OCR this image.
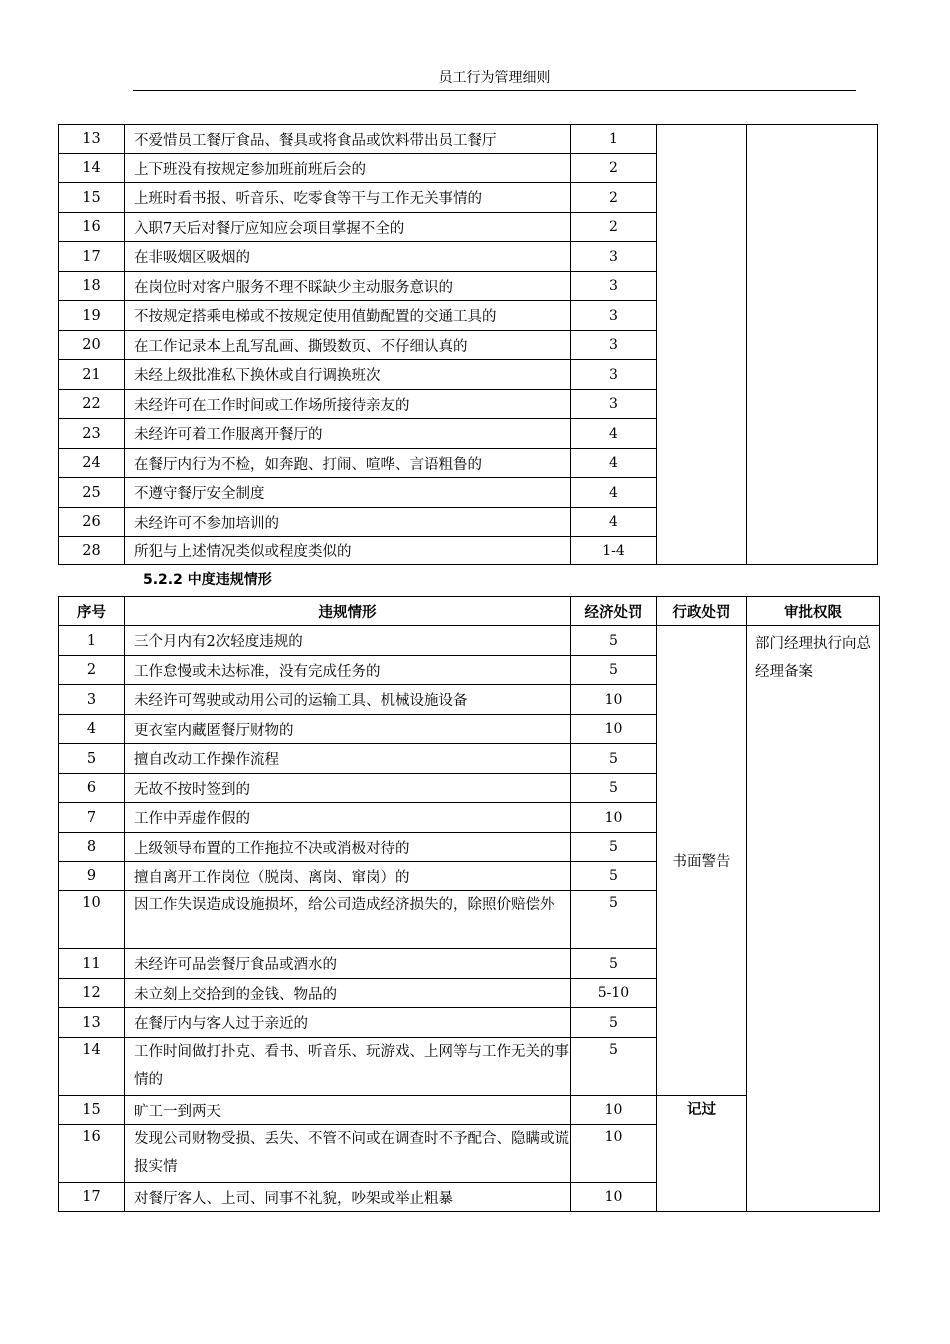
员工行为管理细则
13	不爱惜员工餐厅食品、餐具或将食品或饮料带出员工餐厅	1		
14	上下班没有按规定参加班前班后会的	2		
15	上班时看书报、听音乐、吃零食等干与工作无关事情的	2		
16	入职7天后对餐厅应知应会项目掌握不全的	2		
17	在非吸烟区吸烟的	3		
18	在岗位时对客户服务不理不睬缺少主动服务意识的	3		
19	不按规定搭乘电梯或不按规定使用值勤配置的交通工具的	3		
20	在工作记录本上乱写乱画、撕毁数页、不仔细认真的	3		
21	未经上级批准私下换休或自行调换班次	3		
22	未经许可在工作时间或工作场所接待亲友的	3		
23	未经许可着工作服离开餐厅的	4		
24	在餐厅内行为不检，如奔跑、打闹、喧哗、言语粗鲁的	4		
25	不遵守餐厅安全制度	4		
26	未经许可不参加培训的	4		
28	所犯与上述情况类似或程度类似的	1-4		
5.2.2 中度违规情形
序号	违规情形	经济处罚	行政处罚	审批权限
1	三个月内有2次轻度违规的	5	书面警告	部门经理执行向总经理备案
2	工作怠慢或未达标准，没有完成任务的	5		
3	未经许可驾驶或动用公司的运输工具、机械设施设备	10		
4	更衣室内藏匿餐厅财物的	10		
5	擅自改动工作操作流程	5		
6	无故不按时签到的	5		
7	工作中弄虚作假的	10		
8	上级领导布置的工作拖拉不决或消极对待的	5		
9	擅自离开工作岗位（脱岗、离岗、窜岗）的	5		
10	因工作失误造成设施损坏，给公司造成经济损失的，除照价赔偿外	5		
11	未经许可品尝餐厅食品或酒水的	5		
12	未立刻上交拾到的金钱、物品的	5-10		
13	在餐厅内与客人过于亲近的	5		
14	工作时间做打扑克、看书、听音乐、玩游戏、上网等与工作无关的事情的	5		
15	旷工一到两天	10	记过	
16	发现公司财物受损、丢失、不管不问或在调查时不予配合、隐瞒或谎报实情	10		
17	对餐厅客人、上司、同事不礼貌，吵架或举止粗暴	10		
